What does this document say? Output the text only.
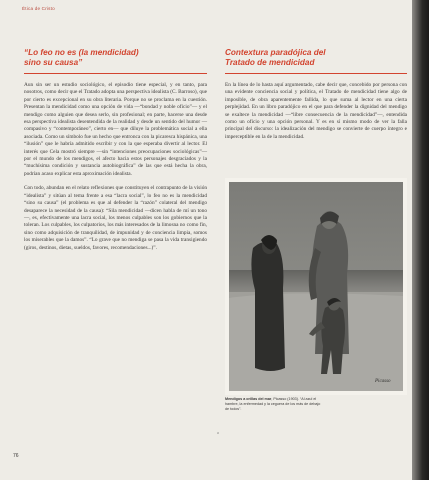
Ética de Cristo
“Lo feo no es (la mendicidad)
sino su causa”

Aun sin ser un estudio sociológico, el episodio tiene especial, y en tanto, para nosotros, como decir que el Tratado adopta una perspectiva idealista (C. Barroso), que por cierto es excepcional en su obra literaria. Porque no se proclama en la cuestión. Presentan la mendicidad como una opción de vida —“bondad y noble oficio”— y el mendigo como alguien que desea serlo, sin profesional; en parte, hacerse una desde esa perspectiva idealista desentendida de la realidad y desde un sentido del humor —compasivo y “contemporáneo”, cierto en— que diluye la problemática social a ella asociada. Como un símbolo fue un hecho que entronca con la picaresca hispánica, una “ilusión” que le habría admitido escribir y con la que esperaba divertir al lector. El interés que Cela mostró siempre —sin “intenciones preocupaciones sociológicas”— por el mundo de los mendigos, el afecto hacia estos personajes desgraciados y la “muchísima condición y sustancia autobiográfica” de las que está hecha la obra, podrían acaso explicar esta aproximación idealista.

Con todo, abundan en el relato reflexiones que constituyen el contrapunto de la visión “idealista” y sitúan al tema frente a esa “lacra social”, lo feo no es la mendicidad “sino su causa” (el problema es que al defender la “razón” colateral del mendigo desaparece la necesidad de la causa): “Sila mendicidad —dicen habla de mí un tono—, es, efectivamente una lacra social, los menos culpables son los gobiernos que la toleran. Los culpables, los culpatorios, los más interesados de la limosna no como fin, sino como adquisición de tranquilidad, de impunidad y de conciencia limpia, somos los miserables que la damos”. “Lo grave que no mendiga se pasa la vida transigiendo (giros, destinos, dietas, sueldos, favores, recomendaciones...)”.

Contextura paradójica del
Tratado de mendicidad

En la línea de lo hasta aquí argumentado, cabe decir que, concebido por persona con una evidente conciencia social y política, el Tratado de mendicidad tiene algo de imposible, de obra aparentemente fallida, lo que suma al lector en una cierta perplejidad. En un libro paradójico en el que para defender la dignidad del mendigo se exaltece la mendicidad —“libre consecuencia de la mendicidad”—, entendida como un oficio y una opción personal. Y es en sí mismo modo de ver la falla principal del discurso: la idealización del mendigo se convierte de cuerpo íntegro e imperceptible en la de la mendicidad.

Picasso
Mendigos a orillas del mar, Picasso (1903). “Al azul el hambre, la enfermedad y la ceguera de los más de debajo de todos”.
a
76
